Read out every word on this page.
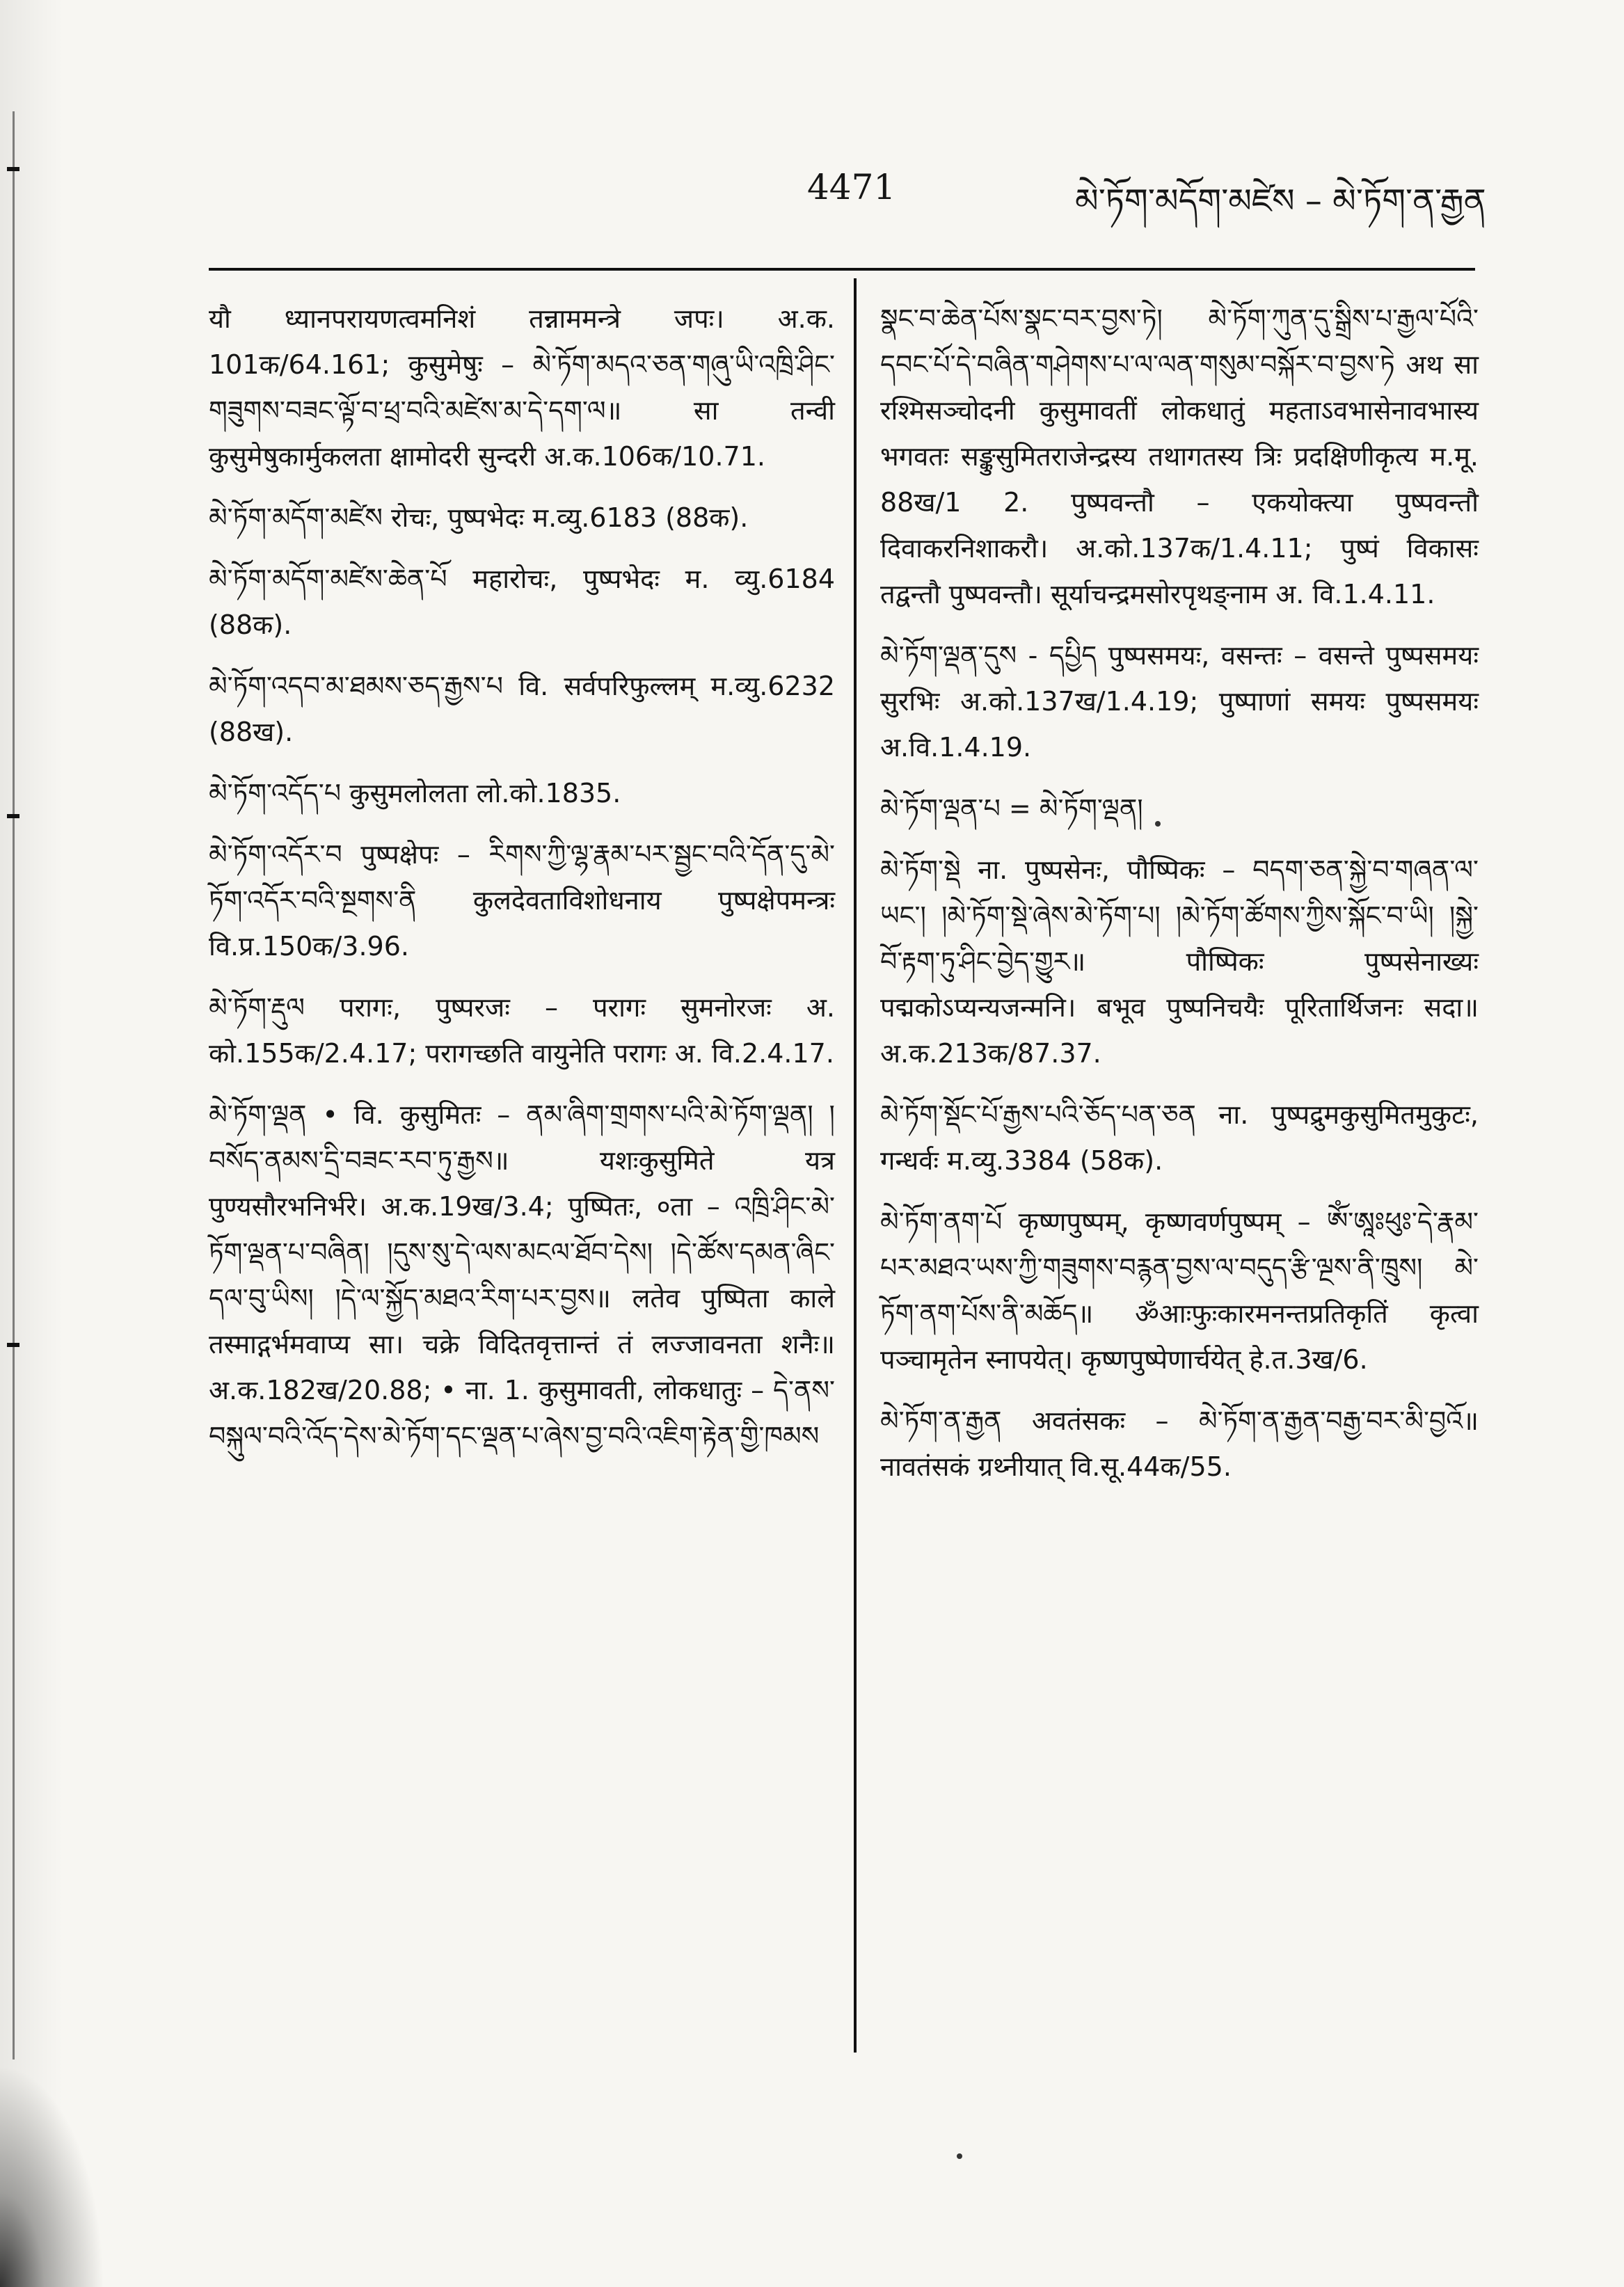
4471	མེ་ཏོག་མདོག་མཛེས – མེ་ཏོག་ན་རྒྱན

यौ ध्यानपरायणत्वमनिशं तन्नाममन्त्रे जपः। अ.क. 101क/64.161; कुसुमेषुः – མེ་ཏོག་མདའ་ཅན་གཞུ་ཡི་འཁྲི་ཤིང་གཟུགས་བཟང་ལྟོ་བ་ཕྲ་བའི་མཛེས་མ་དེ་དག་ལ॥ सा तन्वी कुसुमेषुकार्मुकलता क्षामोदरी सुन्दरी अ.क.106क/10.71.

མེ་ཏོག་མདོག་མཛེས रोचः, पुष्पभेदः म.व्यु.6183 (88क).

མེ་ཏོག་མདོག་མཛེས་ཆེན་པོ महारोचः, पुष्पभेदः म. व्यु.6184 (88क).

མེ་ཏོག་འདབ་མ་ཐམས་ཅད་རྒྱས་པ वि. सर्वपरिफुल्लम् म.व्यु.6232 (88ख).

མེ་ཏོག་འདོད་པ कुसुमलोलता लो.को.1835.

མེ་ཏོག་འདོར་བ पुष्पक्षेपः – རིགས་ཀྱི་ལྷ་རྣམ་པར་སྦྱང་བའི་དོན་དུ་མེ་ཏོག་འདོར་བའི་སྔགས་ནི कुलदेवताविशोधनाय पुष्पक्षेपमन्त्रः वि.प्र.150क/3.96.

མེ་ཏོག་རྡུལ परागः, पुष्परजः – परागः सुमनोरजः अ. को.155क/2.4.17; परागच्छति वायुनेति परागः अ. वि.2.4.17.

མེ་ཏོག་ལྡན • वि. कुसुमितः – ནམ་ཞིག་གྲགས་པའི་མེ་ཏོག་ལྡན། །བསོད་ནམས་དྲི་བཟང་རབ་ཏུ་རྒྱས॥ यशःकुसुमिते यत्र पुण्यसौरभनिर्भरे। अ.क.19ख/3.4; पुष्पितः, ०ता – འཁྲི་ཤིང་མེ་ཏོག་ལྡན་པ་བཞིན། །དུས་སུ་དེ་ལས་མངལ་ཐོབ་དེས། །དེ་ཚོས་དམན་ཞིང་དལ་བུ་ཡིས། །དེ་ལ་སྐྱོད་མཐའ་རིག་པར་བྱས॥ लतेव पुष्पिता काले तस्माद्गर्भमवाप्य सा। चक्रे विदितवृत्तान्तं तं लज्जावनता शनैः॥ अ.क.182ख/20.88; • ना. 1. कुसुमावती, लोकधातुः – དེ་ནས་བསྐུལ་བའི་འོད་དེས་མེ་ཏོག་དང་ལྡན་པ་ཞེས་བྱ་བའི་འཇིག་རྟེན་གྱི་ཁམས

སྣང་བ་ཆེན་པོས་སྣང་བར་བྱས་ཏེ། མེ་ཏོག་ཀུན་དུ་སྒྲིས་པ་རྒྱལ་པོའི་དབང་པོ་དེ་བཞིན་གཤེགས་པ་ལ་ལན་གསུམ་བསྐོར་བ་བྱས་ཏེ अथ सा रश्मिसञ्चोदनी कुसुमावतीं लोकधातुं महताऽवभासेनावभास्य भगवतः सङ्कुसुमितराजेन्द्रस्य तथागतस्य त्रिः प्रदक्षिणीकृत्य म.मू. 88ख/1 2. पुष्पवन्तौ – एकयोक्त्या पुष्पवन्तौ दिवाकरनिशाकरौ। अ.को.137क/1.4.11; पुष्पं विकासः तद्वन्तौ पुष्पवन्तौ। सूर्याचन्द्रमसोरपृथङ्नाम अ. वि.1.4.11.

མེ་ཏོག་ལྡན་དུས - དཔྱིད पुष्पसमयः, वसन्तः – वसन्ते पुष्पसमयः सुरभिः अ.को.137ख/1.4.19; पुष्पाणां समयः पुष्पसमयः अ.वि.1.4.19.

མེ་ཏོག་ལྡན་པ = མེ་ཏོག་ལྡན།

མེ་ཏོག་སྡེ ना. पुष्पसेनः, पौष्पिकः – བདག་ཅན་སྐྱེ་བ་གཞན་ལ་ཡང་། །མེ་ཏོག་སྡེ་ཞེས་མེ་ཏོག་པ། །མེ་ཏོག་ཚོགས་ཀྱིས་སྐོང་བ་ཡི། །སྐྱེ་བོ་རྟག་ཏུ་ཤིང་བྱེད་གྱུར॥ पौष्पिकः पुष्पसेनाख्यः पद्मकोऽप्यन्यजन्मनि। बभूव पुष्पनिचयैः पूरितार्थिजनः सदा॥ अ.क.213क/87.37.

མེ་ཏོག་སྡོང་པོ་རྒྱས་པའི་ཅོད་པན་ཅན ना. पुष्पद्रुमकुसुमितमुकुटः, गन्धर्वः म.व्यु.3384 (58क).

མེ་ཏོག་ནག་པོ कृष्णपुष्पम्, कृष्णवर्णपुष्पम् – ཨོཾ་ཨཱཿཕུཿ་དེ་རྣམ་པར་མཐའ་ཡས་ཀྱི་གཟུགས་བརྙན་བྱས་ལ་བདུད་རྩི་ལྔས་ནི་ཁྲུས། མེ་ཏོག་ནག་པོས་ནི་མཆོད॥ ॐआःफुःकारमनन्तप्रतिकृतिं कृत्वा पञ्चामृतेन स्नापयेत्। कृष्णपुष्पेणार्चयेत् हे.त.3ख/6.

མེ་ཏོག་ན་རྒྱན अवतंसकः – མེ་ཏོག་ན་རྒྱན་བརྒྱ་བར་མི་བྱའོ॥ नावतंसकं ग्रथ्नीयात् वि.सू.44क/55.
